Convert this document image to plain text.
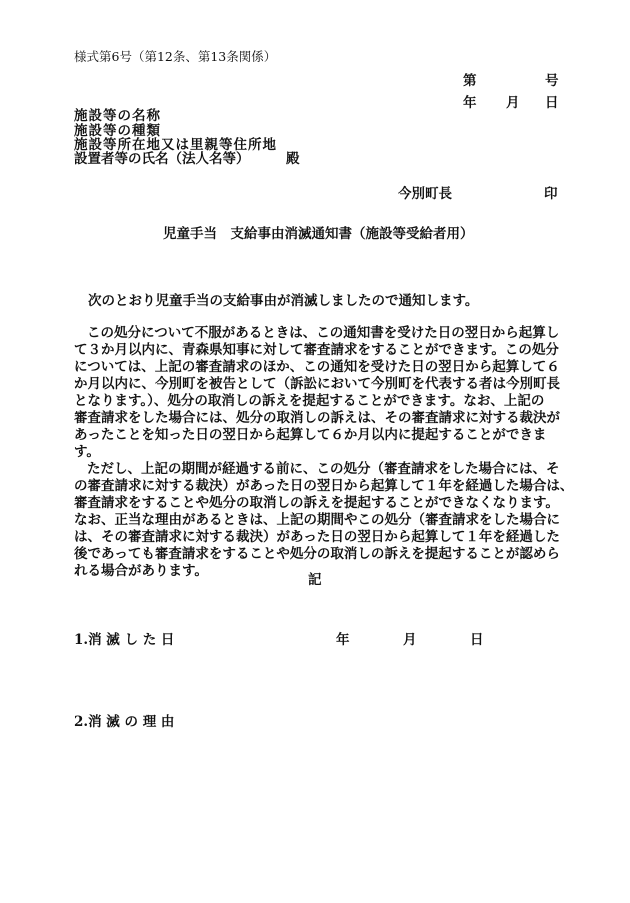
様式第6号（第12条、第13条関係）
第	号
年 月 日
施設等の名称
施設等の種類
施設等所在地又は里親等住所地
設置者等の氏名（法人名等）	殿
今別町長	印
児童手当　支給事由消滅通知書（施設等受給者用）
次のとおり児童手当の支給事由が消滅しましたので通知します。
この処分について不服があるときは、この通知書を受けた日の翌日から起算し
て３か月以内に、青森県知事に対して審査請求をすることができます。この処分
については、上記の審査請求のほか、この通知を受けた日の翌日から起算して６
か月以内に、今別町を被告として（訴訟において今別町を代表する者は今別町長
となります。）、処分の取消しの訴えを提起することができます。なお、上記の
審査請求をした場合には、処分の取消しの訴えは、その審査請求に対する裁決が
あったことを知った日の翌日から起算して６か月以内に提起することができま
す。
ただし、上記の期間が経過する前に、この処分（審査請求をした場合には、そ
の審査請求に対する裁決）があった日の翌日から起算して１年を経過した場合は、
審査請求をすることや処分の取消しの訴えを提起することができなくなります。
なお、正当な理由があるときは、上記の期間やこの処分（審査請求をした場合に
は、その審査請求に対する裁決）があった日の翌日から起算して１年を経過した
後であっても審査請求をすることや処分の取消しの訴えを提起することが認めら
れる場合があります。
記
1.消 滅 し た 日	年	月	日
2.消 滅 の 理 由
